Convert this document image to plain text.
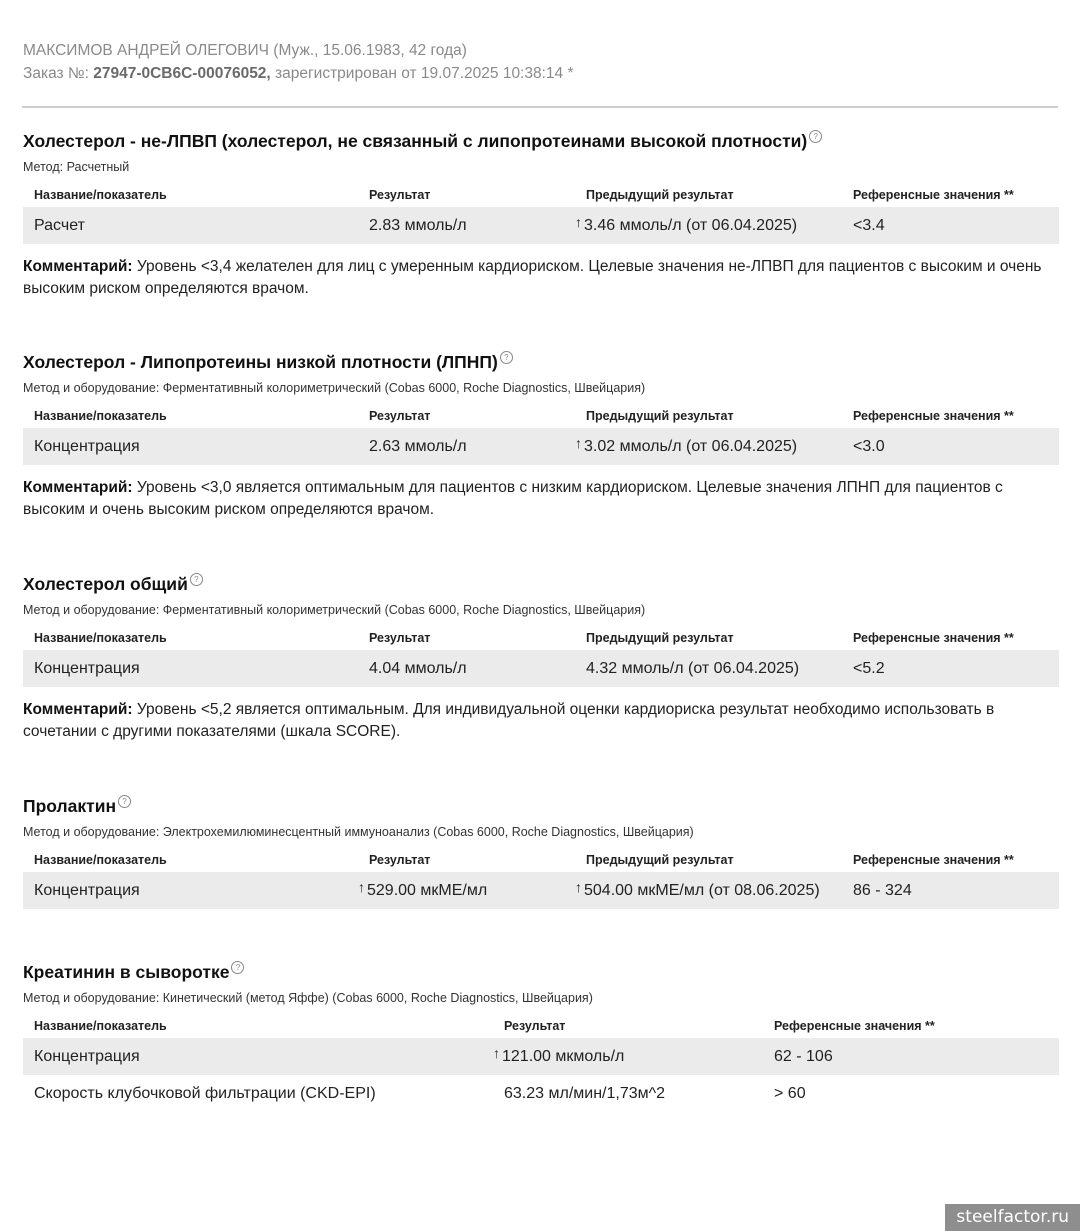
МАКСИМОВ АНДРЕЙ ОЛЕГОВИЧ (Муж., 15.06.1983, 42 года)
Заказ №: 27947-0CB6C-00076052, зарегистрирован от 19.07.2025 10:38:14 *
Холестерол - не-ЛПВП (холестерол, не связанный с липопротеинами высокой плотности) ?
Метод: Расчетный
Название/показатель	Результат	Предыдущий результат	Референсные значения **
Расчет	2.83 ммоль/л	↑ 3.46 ммоль/л (от 06.04.2025)	<3.4
Комментарий: Уровень <3,4 желателен для лиц с умеренным кардиориском. Целевые значения не-ЛПВП для пациентов с высоким и очень высоким риском определяются врачом.
Холестерол - Липопротеины низкой плотности (ЛПНП) ?
Метод и оборудование: Ферментативный колориметрический (Cobas 6000, Roche Diagnostics, Швейцария)
Название/показатель	Результат	Предыдущий результат	Референсные значения **
Концентрация	2.63 ммоль/л	↑ 3.02 ммоль/л (от 06.04.2025)	<3.0
Комментарий: Уровень <3,0 является оптимальным для пациентов с низким кардиориском. Целевые значения ЛПНП для пациентов с высоким и очень высоким риском определяются врачом.
Холестерол общий ?
Метод и оборудование: Ферментативный колориметрический (Cobas 6000, Roche Diagnostics, Швейцария)
Название/показатель	Результат	Предыдущий результат	Референсные значения **
Концентрация	4.04 ммоль/л	4.32 ммоль/л (от 06.04.2025)	<5.2
Комментарий: Уровень <5,2 является оптимальным. Для индивидуальной оценки кардиориска результат необходимо использовать в сочетании с другими показателями (шкала SCORE).
Пролактин ?
Метод и оборудование: Электрохемилюминесцентный иммуноанализ (Cobas 6000, Roche Diagnostics, Швейцария)
Название/показатель	Результат	Предыдущий результат	Референсные значения **
Концентрация	↑ 529.00 мкМЕ/мл	↑ 504.00 мкМЕ/мл (от 08.06.2025)	86 - 324
Креатинин в сыворотке ?
Метод и оборудование: Кинетический (метод Яффе) (Cobas 6000, Roche Diagnostics, Швейцария)
Название/показатель	Результат	Референсные значения **
Концентрация	↑ 121.00 мкмоль/л	62 - 106
Скорость клубочковой фильтрации (CKD-EPI)	63.23 мл/мин/1,73м^2	> 60
steelfactor.ru
